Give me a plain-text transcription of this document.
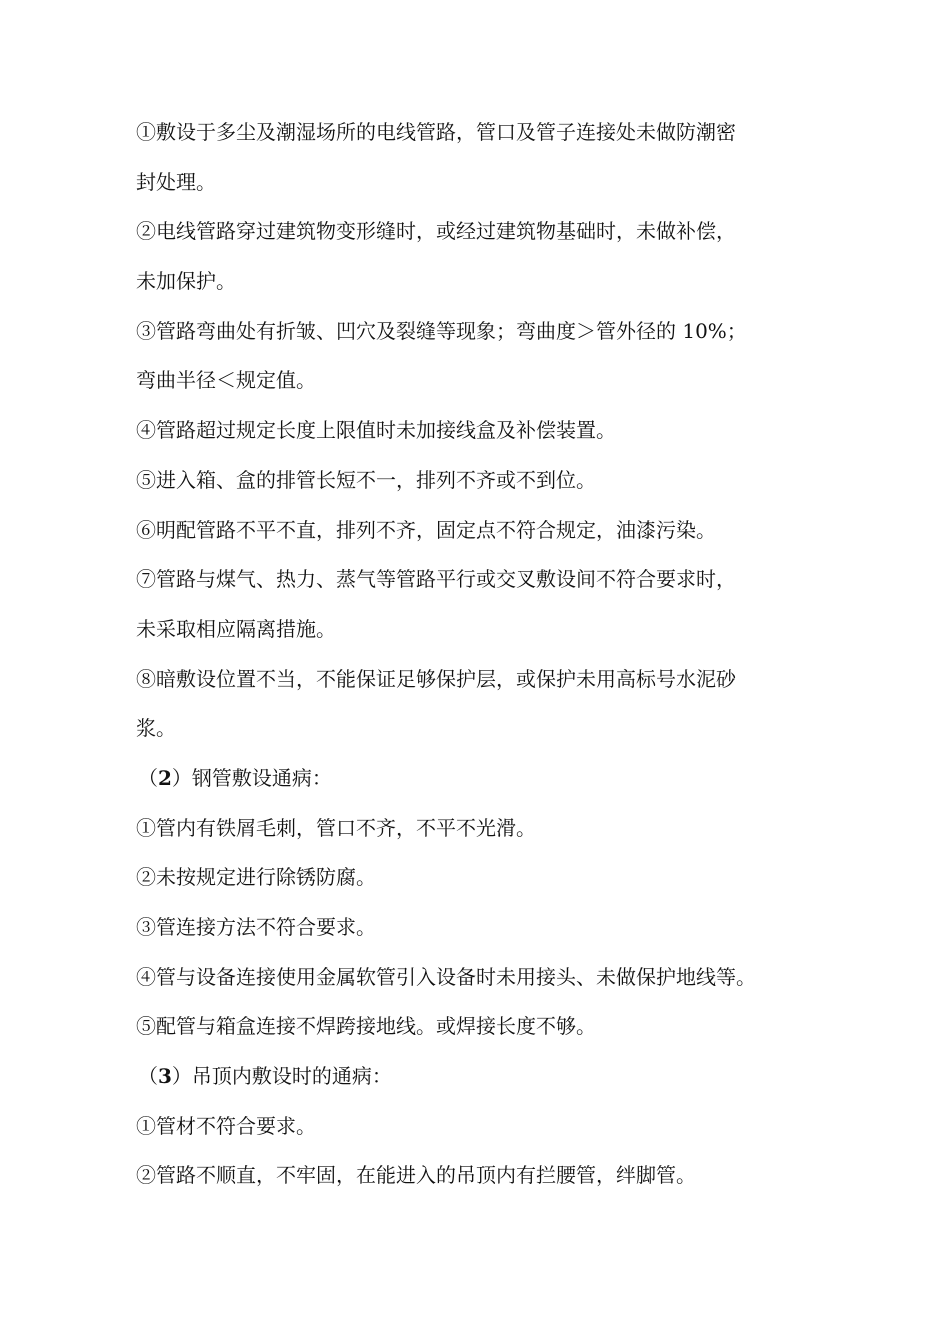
①敷设于多尘及潮湿场所的电线管路，管口及管子连接处未做防潮密

封处理。

②电线管路穿过建筑物变形缝时，或经过建筑物基础时，未做补偿，

未加保护。

③管路弯曲处有折皱、凹穴及裂缝等现象；弯曲度＞管外径的 10%；

弯曲半径＜规定值。

④管路超过规定长度上限值时未加接线盒及补偿装置。

⑤进入箱、盒的排管长短不一，排列不齐或不到位。

⑥明配管路不平不直，排列不齐，固定点不符合规定，油漆污染。

⑦管路与煤气、热力、蒸气等管路平行或交叉敷设间不符合要求时，

未采取相应隔离措施。

⑧暗敷设位置不当，不能保证足够保护层，或保护未用高标号水泥砂

浆。

（2）钢管敷设通病：

①管内有铁屑毛刺，管口不齐，不平不光滑。

②未按规定进行除锈防腐。

③管连接方法不符合要求。

④管与设备连接使用金属软管引入设备时未用接头、未做保护地线等。

⑤配管与箱盒连接不焊跨接地线。或焊接长度不够。

（3）吊顶内敷设时的通病：

①管材不符合要求。

②管路不顺直，不牢固，在能进入的吊顶内有拦腰管，绊脚管。
